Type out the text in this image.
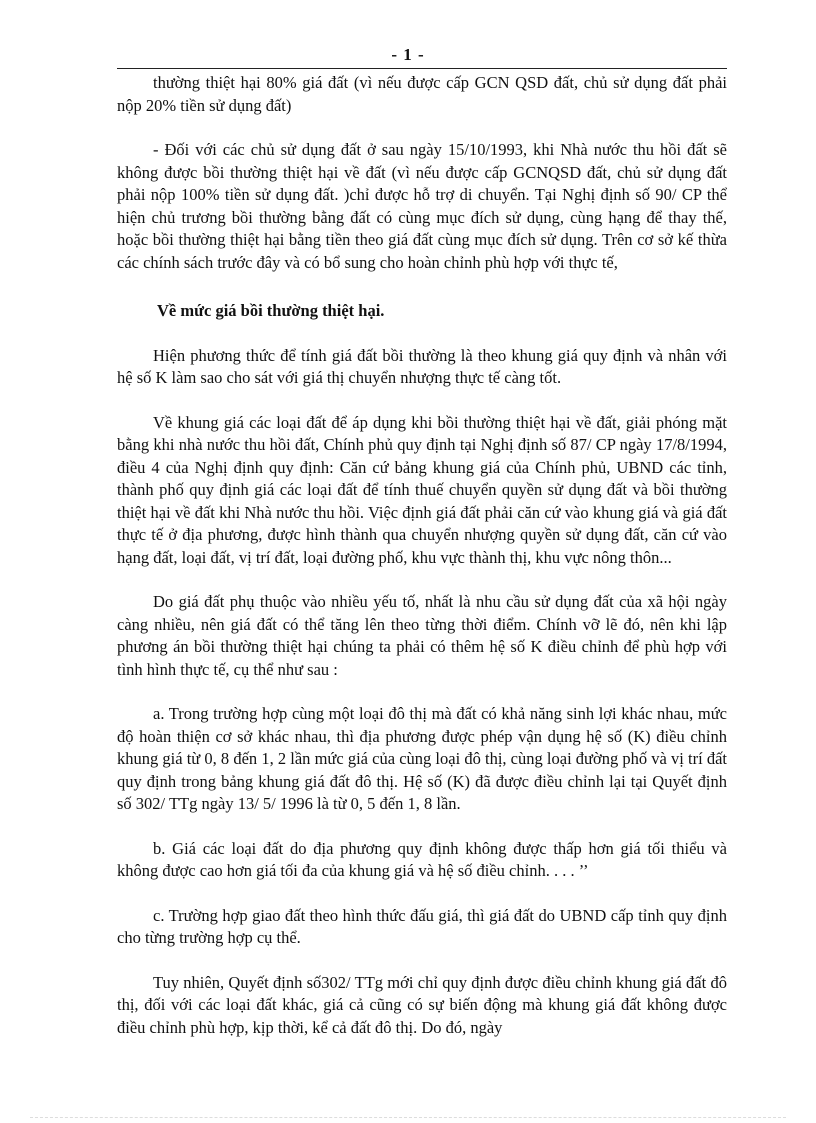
- 1 -

thường thiệt hại 80% giá đất (vì nếu được cấp GCN QSD đất, chủ sử dụng đất phải nộp 20% tiền sử dụng đất)

- Đối với các chủ sử dụng đất ở sau ngày 15/10/1993, khi Nhà nước thu hồi đất sẽ không được bồi thường thiệt hại về đất (vì nếu được cấp GCNQSD đất, chủ sử dụng đất phải nộp 100% tiền sử dụng đất. )chỉ được hỗ trợ di chuyển. Tại Nghị định số 90/ CP thể hiện chủ trương bồi thường bằng đất có cùng mục đích sử dụng, cùng hạng để thay thế, hoặc bồi thường thiệt hại bằng tiền theo giá đất cùng mục đích sử dụng. Trên cơ sở kế thừa các chính sách trước đây và có bổ sung cho hoàn chỉnh phù hợp với thực tế,

Về mức giá bồi thường thiệt hại.

Hiện phương thức để tính giá đất bồi thường là theo khung giá quy định và nhân với hệ số K làm sao cho sát với giá thị chuyển nhượng thực tế càng tốt.

Về khung giá các loại đất để áp dụng khi bồi thường thiệt hại về đất, giải phóng mặt bằng khi nhà nước thu hồi đất, Chính phủ quy định tại Nghị định số 87/ CP ngày 17/8/1994, điều 4 của Nghị định quy định: Căn cứ bảng khung giá của Chính phủ, UBND các tỉnh, thành phố quy định giá các loại đất để tính thuế chuyển quyền sử dụng đất và bồi thường thiệt hại về đất khi Nhà nước thu hồi. Việc định giá đất phải căn cứ vào khung giá và giá đất thực tế ở địa phương, được hình thành qua chuyển nhượng quyền sử dụng đất, căn cứ vào hạng đất, loại đất, vị trí đất, loại đường phố, khu vực thành thị, khu vực nông thôn...

Do giá đất phụ thuộc vào nhiều yếu tố, nhất là nhu cầu sử dụng đất của xã hội ngày càng nhiều, nên giá đất có thể tăng lên theo từng thời điểm. Chính vỡ lẽ đó, nên khi lập phương án bồi thường thiệt hại chúng ta phải có thêm hệ số K điều chỉnh để phù hợp với tình hình thực tế, cụ thể như sau :

a. Trong trường hợp cùng một loại đô thị mà đất có khả năng sinh lợi khác nhau, mức độ hoàn thiện cơ sở khác nhau, thì địa phương được phép vận dụng hệ số (K) điều chỉnh khung giá từ 0, 8 đến 1, 2 lần mức giá của cùng loại đô thị, cùng loại đường phố và vị trí đất quy định trong bảng khung giá đất đô thị. Hệ số (K) đã được điều chỉnh lại tại Quyết định số 302/ TTg ngày 13/ 5/ 1996 là từ 0, 5 đến 1, 8 lần.

b. Giá các loại đất do địa phương quy định không được thấp hơn giá tối thiểu và không được cao hơn giá tối đa của khung giá và hệ số điều chỉnh. . . . ’’

c. Trường hợp giao đất theo hình thức đấu giá, thì giá đất do UBND cấp tỉnh quy định cho từng trường hợp cụ thể.

Tuy nhiên, Quyết định số302/ TTg mới chỉ quy định được điều chỉnh khung giá đất đô thị, đối với các loại đất khác, giá cả cũng có sự biến động mà khung giá đất không được điều chỉnh phù hợp, kịp thời, kể cả đất đô thị. Do đó, ngày
